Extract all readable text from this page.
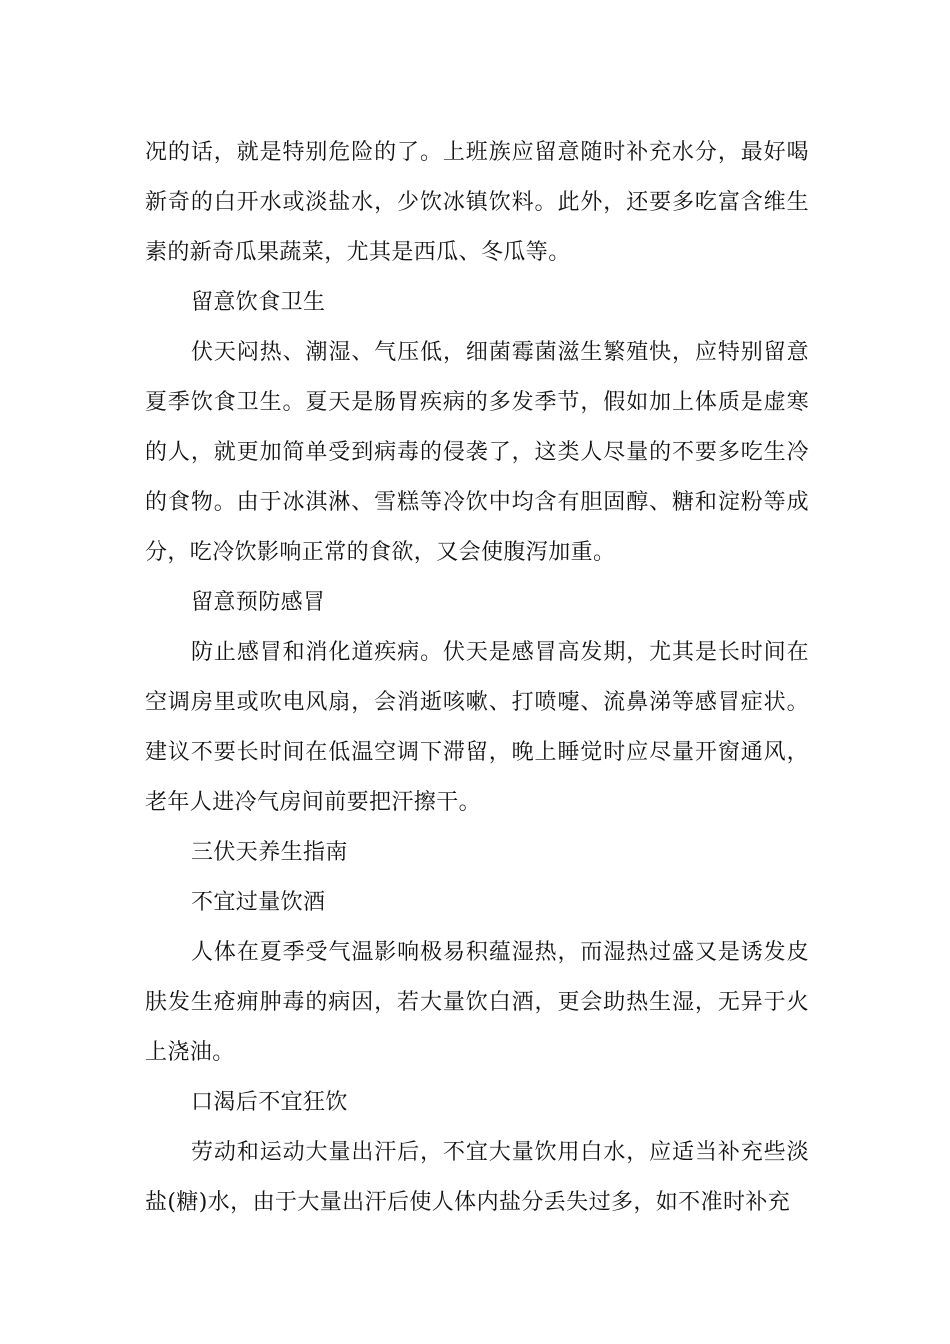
况的话，就是特别危险的了。上班族应留意随时补充水分，最好喝新奇的白开水或淡盐水，少饮冰镇饮料。此外，还要多吃富含维生素的新奇瓜果蔬菜，尤其是西瓜、冬瓜等。

留意饮食卫生

伏天闷热、潮湿、气压低，细菌霉菌滋生繁殖快，应特别留意夏季饮食卫生。夏天是肠胃疾病的多发季节，假如加上体质是虚寒的人，就更加简单受到病毒的侵袭了，这类人尽量的不要多吃生冷的食物。由于冰淇淋、雪糕等冷饮中均含有胆固醇、糖和淀粉等成分，吃冷饮影响正常的食欲，又会使腹泻加重。

留意预防感冒

防止感冒和消化道疾病。伏天是感冒高发期，尤其是长时间在空调房里或吹电风扇，会消逝咳嗽、打喷嚏、流鼻涕等感冒症状。建议不要长时间在低温空调下滞留，晚上睡觉时应尽量开窗通风，老年人进冷气房间前要把汗擦干。

三伏天养生指南

不宜过量饮酒

人体在夏季受气温影响极易积蕴湿热，而湿热过盛又是诱发皮肤发生疮痈肿毒的病因，若大量饮白酒，更会助热生湿，无异于火上浇油。

口渴后不宜狂饮

劳动和运动大量出汗后，不宜大量饮用白水，应适当补充些淡盐(糖)水，由于大量出汗后使人体内盐分丢失过多，如不准时补充
